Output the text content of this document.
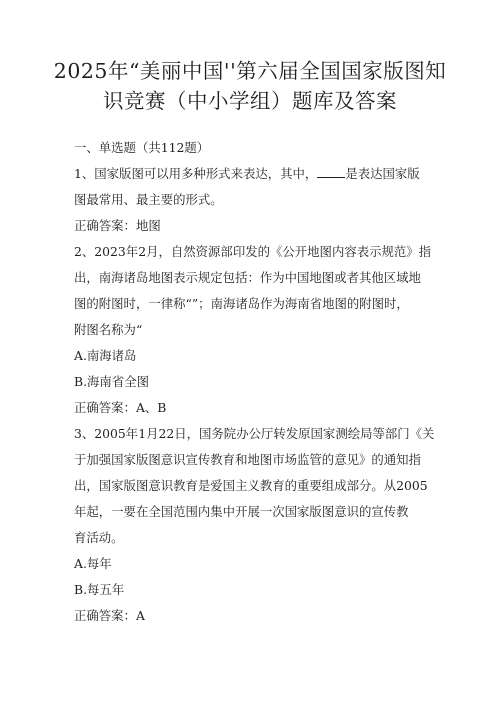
2025年“美丽中国''第六届全国国家版图知
识竞赛（中小学组）题库及答案
一、单选题（共112题）
1、国家版图可以用多种形式来表达，其中， 是表达国家版
图最常用、最主要的形式。
正确答案：地图
2、2023年2月，自然资源部印发的《公开地图内容表示规范》指
出，南海诸岛地图表示规定包括：作为中国地图或者其他区域地
图的附图时，一律称“”；南海诸岛作为海南省地图的附图时，
附图名称为“
A.南海诸岛
B.海南省全图
正确答案：A、B
3、2005年1月22日，国务院办公厅转发原国家测绘局等部门《关
于加强国家版图意识宣传教育和地图市场监管的意见》的通知指
出，国家版图意识教育是爱国主义教育的重要组成部分。从2005
年起，一要在全国范围内集中开展一次国家版图意识的宣传教
育活动。
A.每年
B.每五年
正确答案：A
